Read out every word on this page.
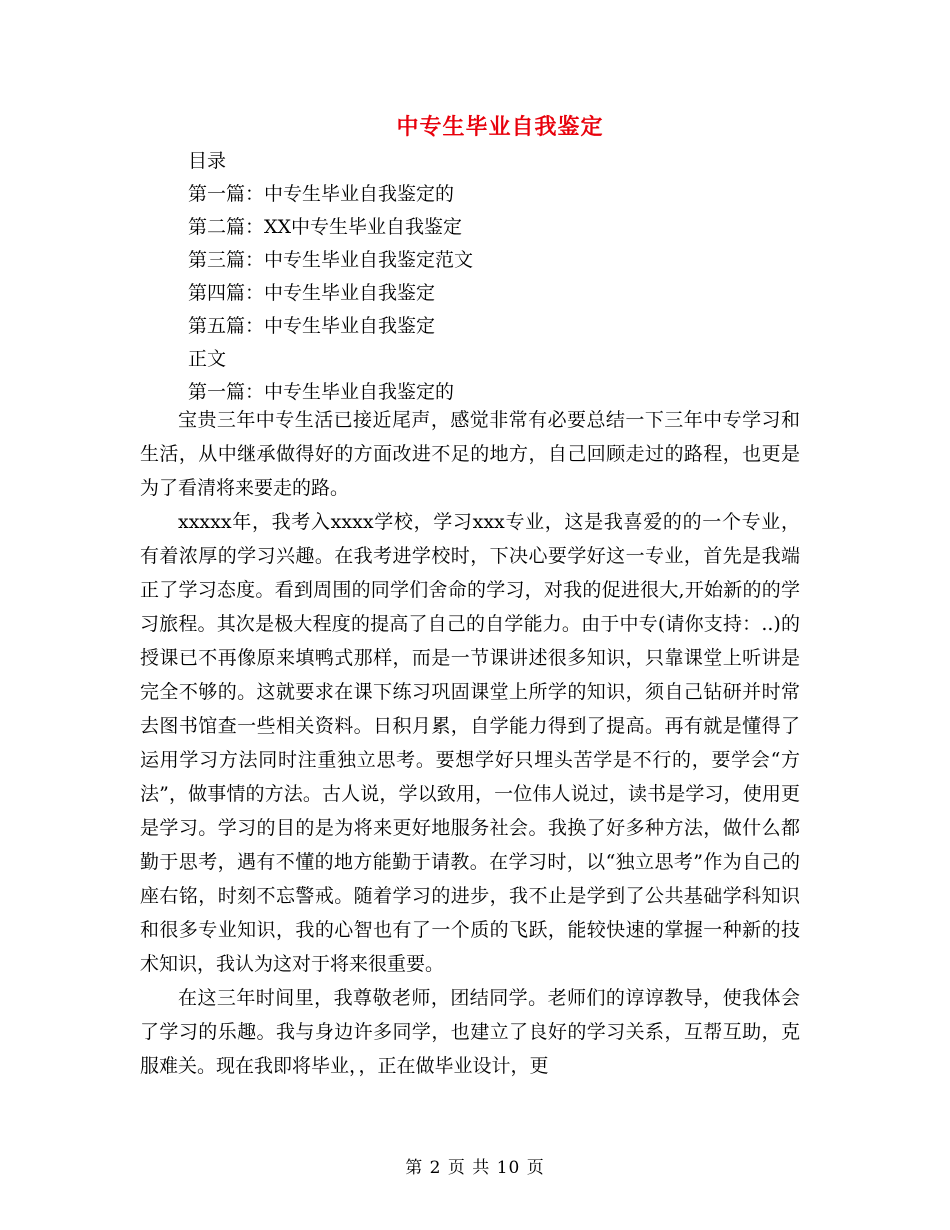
中专生毕业自我鉴定
目录
第一篇：中专生毕业自我鉴定的
第二篇：XX中专生毕业自我鉴定
第三篇：中专生毕业自我鉴定范文
第四篇：中专生毕业自我鉴定
第五篇：中专生毕业自我鉴定
正文
第一篇：中专生毕业自我鉴定的

宝贵三年中专生活已接近尾声，感觉非常有必要总结一下三年中专学习和生活，从中继承做得好的方面改进不足的地方，自己回顾走过的路程，也更是为了看清将来要走的路。

xxxxx年，我考入xxxx学校，学习xxx专业，这是我喜爱的的一个专业，有着浓厚的学习兴趣。在我考进学校时，下决心要学好这一专业，首先是我端正了学习态度。看到周围的同学们舍命的学习，对我的促进很大,开始新的的学习旅程。其次是极大程度的提高了自己的自学能力。由于中专(请你支持：..)的授课已不再像原来填鸭式那样，而是一节课讲述很多知识，只靠课堂上听讲是完全不够的。这就要求在课下练习巩固课堂上所学的知识，须自己钻研并时常去图书馆查一些相关资料。日积月累，自学能力得到了提高。再有就是懂得了运用学习方法同时注重独立思考。要想学好只埋头苦学是不行的，要学会“方法”，做事情的方法。古人说，学以致用，一位伟人说过，读书是学习，使用更是学习。学习的目的是为将来更好地服务社会。我换了好多种方法，做什么都勤于思考，遇有不懂的地方能勤于请教。在学习时，以“独立思考”作为自己的座右铭，时刻不忘警戒。随着学习的进步，我不止是学到了公共基础学科知识和很多专业知识，我的心智也有了一个质的飞跃，能较快速的掌握一种新的技术知识，我认为这对于将来很重要。

在这三年时间里，我尊敬老师，团结同学。老师们的谆谆教导，使我体会了学习的乐趣。我与身边许多同学，也建立了良好的学习关系，互帮互助，克服难关。现在我即将毕业，，正在做毕业设计，更

第 2 页 共 10 页
